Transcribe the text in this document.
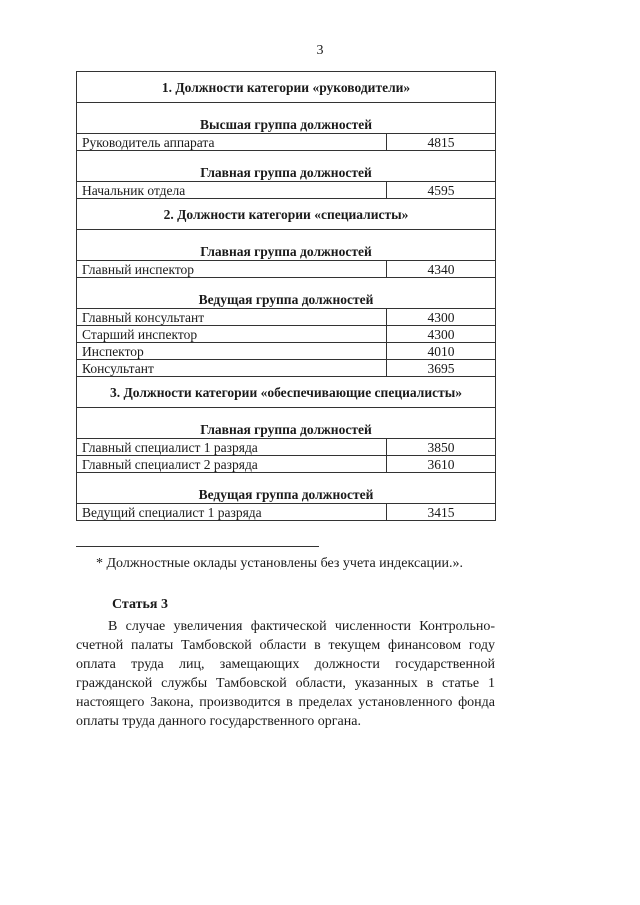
3
1. Должности категории «руководители»	
Высшая группа должностей	
Руководитель аппарата	4815
Главная группа должностей	
Начальник отдела	4595
2. Должности категории «специалисты»	
Главная группа должностей	
Главный инспектор	4340
Ведущая группа должностей	
Главный консультант	4300
Старший инспектор	4300
Инспектор	4010
Консультант	3695
3. Должности категории «обеспечивающие специалисты»	
Главная группа должностей	
Главный специалист 1 разряда	3850
Главный специалист 2 разряда	3610
Ведущая группа должностей	
Ведущий специалист 1 разряда	3415
* Должностные оклады установлены без учета индексации.».
Статья 3
В случае увеличения фактической численности Контрольно-счетной палаты Тамбовской области в текущем финансовом году оплата труда лиц, замещающих должности государственной гражданской службы Тамбовской области, указанных в статье 1 настоящего Закона, производится в пределах установленного фонда оплаты труда данного государственного органа.
